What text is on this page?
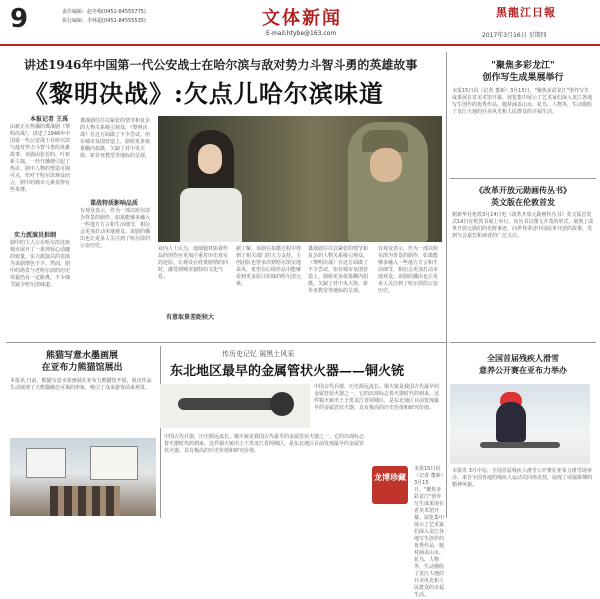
9	责任编辑：赵冬梅(0451-84555775)
执行编辑：李林超(0451-84555535)	文体新闻
E-mail:htybe@163.com
黑龍江日報
2017年3月16日 星期四
讲述1946年中国第一代公安战士在哈尔滨与敌对势力斗智斗勇的英雄故事
《黎明决战》:欠点儿哈尔滨味道
本报记者 王禹
由新正在热播的谍战剧《黎明决战》，讲述了1946年中国第一代公安战士在哈尔滨与敌对势力斗智斗勇的英雄故事。该剧由张若昀、叶祖新主演，一经开播便引起了热议。剧中人物的塑造可圈可点，但对于哈尔滨观众而言，剧中的城市元素显得有些单薄。
实力派演员担纲
剧中的主人公在哈尔滨这座城市展开了一系列惊心动魄的较量，实力派演员的表演为该剧增色不少。然而，剧中的场景与老哈尔滨的历史风貌仍有一定距离，不少细节缺少哈尔滨味道。
谍战剧往往以紧张的情节和复杂的人物关系吸引观众，《黎明决战》在这方面做了不少尝试。但在城市氛围营造上，剧组更多依靠棚内拍摄，欠缺了对中央大街、索菲亚教堂等地标的呈现。
谍战特质影响品质
有观众表示，作为一部以哈尔滨为背景的剧作，如果能够多融入一些地方方言和生活细节，相信会更加打动本地观众。该剧的播出也让更多人关注到了哈尔滨的公安历史。	业内人士认为，地域题材影视作品的创作应更加注重对历史真实的还原，让观众在欣赏剧情的同时，感受到城市独特的文化气息。
有意取景差距较大
据了解，该剧在拍摄过程中得到了相关部门的大力支持，主创团队也曾多次到哈尔滨实地采风，希望在后续作品中能够看到更多原汁原味的哈尔滨元素。
谍战剧往往以紧张的情节和复杂的人物关系吸引观众，《黎明决战》在这方面做了不少尝试。但在城市氛围营造上，剧组更多依靠棚内拍摄，欠缺了对中央大街、索菲亚教堂等地标的呈现。
有观众表示，作为一部以哈尔滨为背景的剧作，如果能够多融入一些地方方言和生活细节，相信会更加打动本地观众。该剧的播出也让更多人关注到了哈尔滨的公安历史。
"聚焦多彩龙江"
创作写生成果展举行
本报15日讯（记者 董新）3月15日，"聚焦多彩龙江"创作写生成果展在省美术馆开幕。展览集中展示了艺术家们深入龙江各地写生创作的优秀作品，题材涵盖山水、花鸟、人物等，生动描绘了龙江大地的壮美风光和人民群众的幸福生活。
《改革开放元勋画传丛书》
英文版在伦敦首发
据新华社伦敦3月14日电《改革开放元勋画传丛书》英文版首发式14日在伦敦书展上举行。该丛书以图文并茂的形式，展现了改革开放元勋们的光辉事迹，向世界讲述中国改革开放的故事，受到与会嘉宾和读者的广泛关注。
熊猫写意水墨画展
在亚布力熊猫馆展出
本报讯 日前，熊猫写意水墨画展在亚布力熊猫馆开展，展出作品生动展现了大熊猫憨态可掬的形象，吸引了众多游客前来观赏。
传历史记忆 展黑土风采
东北地区最早的金属管状火器——铜火铳
中国古代兵器，历史源远流长。铜火铳是我国古代最早的金属管状火器之一，它的出现标志着火器时代的到来。这件铜火铳出土于黑龙江省阿城区，是东北地区目前发现最早的金属管状火器，具有极高的历史价值和研究价值。
中国古代兵器，历史源远流长。铜火铳是我国古代最早的金属管状火器之一，它的出现标志着火器时代的到来。这件铜火铳出土于黑龙江省阿城区，是东北地区目前发现最早的金属管状火器，具有极高的历史价值和研究价值。
本报15日讯（记者 董新）3月15日，"聚焦多彩龙江"创作写生成果展在省美术馆开幕。展览集中展示了艺术家们深入龙江各地写生创作的优秀作品，题材涵盖山水、花鸟、人物等，生动描绘了龙江大地的壮美风光和人民群众的幸福生活。
龙博珍藏
全国首届残疾人滑雪
意养公开赛在亚布力举办
本报讯 3月中旬，全国首届残疾人滑雪公开赛在亚布力滑雪场举办，来自全国各地的残疾人运动员同场竞技，展现了顽强拼搏的精神风貌。
